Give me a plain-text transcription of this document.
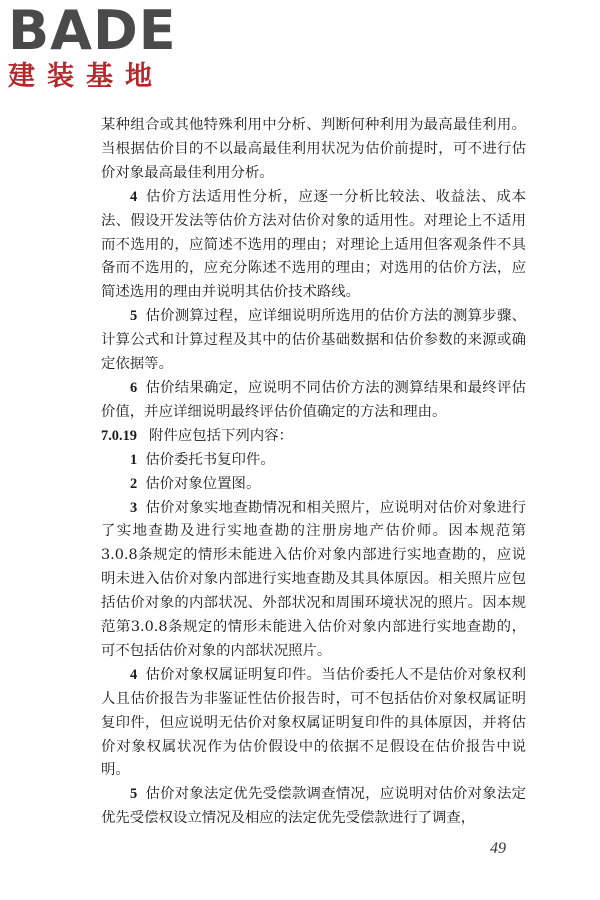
BADE
建装基地

某种组合或其他特殊利用中分析、判断何种利用为最高最佳利用。当根据估价目的不以最高最佳利用状况为估价前提时，可不进行估价对象最高最佳利用分析。

4 估价方法适用性分析，应逐一分析比较法、收益法、成本法、假设开发法等估价方法对估价对象的适用性。对理论上不适用而不选用的，应简述不选用的理由；对理论上适用但客观条件不具备而不选用的，应充分陈述不选用的理由；对选用的估价方法，应简述选用的理由并说明其估价技术路线。

5 估价测算过程，应详细说明所选用的估价方法的测算步骤、计算公式和计算过程及其中的估价基础数据和估价参数的来源或确定依据等。

6 估价结果确定，应说明不同估价方法的测算结果和最终评估价值，并应详细说明最终评估价值确定的方法和理由。

7.0.19 附件应包括下列内容：

1 估价委托书复印件。

2 估价对象位置图。

3 估价对象实地查勘情况和相关照片，应说明对估价对象进行了实地查勘及进行实地查勘的注册房地产估价师。因本规范第3.0.8条规定的情形未能进入估价对象内部进行实地查勘的，应说明未进入估价对象内部进行实地查勘及其具体原因。相关照片应包括估价对象的内部状况、外部状况和周围环境状况的照片。因本规范第3.0.8条规定的情形未能进入估价对象内部进行实地查勘的，可不包括估价对象的内部状况照片。

4 估价对象权属证明复印件。当估价委托人不是估价对象权利人且估价报告为非鉴证性估价报告时，可不包括估价对象权属证明复印件，但应说明无估价对象权属证明复印件的具体原因，并将估价对象权属状况作为估价假设中的依据不足假设在估价报告中说明。

5 估价对象法定优先受偿款调查情况，应说明对估价对象法定优先受偿权设立情况及相应的法定优先受偿款进行了调查，

49
